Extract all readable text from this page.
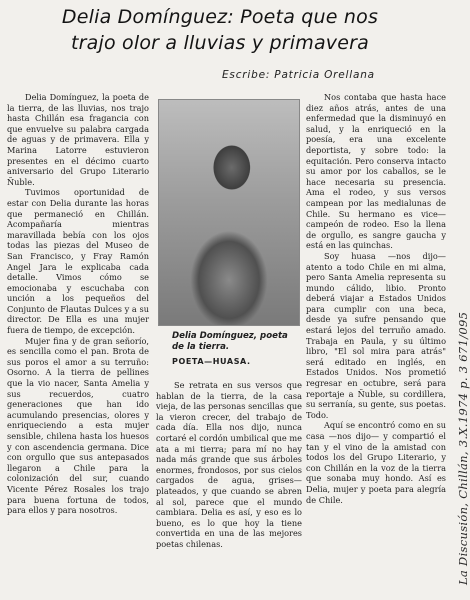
Delia Domínguez: Poeta que nos
trajo olor a lluvias y primavera
Escribe: Patricia Orellana

Delia Domínguez, la poeta de la tierra, de las lluvias, nos trajo hasta Chillán esa fragancia con que envuelve su palabra cargada de aguas y de primavera. Ella y Marina Latorre estuvieron presentes en el décimo cuarto aniversario del Grupo Literario Ñuble.

Tuvimos oportunidad de estar con Delia durante las horas que permaneció en Chillán. Acompañaría mientras maravillada bebía con los ojos todas las piezas del Museo de San Francisco, y Fray Ramón Angel Jara le explicaba cada detalle. Vimos cómo se emocionaba y escuchaba con unción a los pequeños del Conjunto de Flautas Dulces y a su director. De Ella es una mujer fuera de tiempo, de excepción.

Mujer fina y de gran señorío, es sencilla como el pan. Brota de sus poros el amor a su terruño: Osorno. A la tierra de pellines que la vio nacer, Santa Amelia y sus recuerdos, cuatro generaciones que han ido acumulando presencias, olores y enriqueciendo a esta mujer sensible, chilena hasta los huesos y con ascendencia germana. Dice con orgullo que sus antepasados llegaron a Chile para la colonización del sur, cuando Vicente Pérez Rosales los trajo para buena fortuna de todos, para ellos y para nosotros.

Delia Domínguez, poeta de la tierra.
POETA—HUASA.

Se retrata en sus versos que hablan de la tierra, de la casa vieja, de las personas sencillas que la vieron crecer, del trabajo de cada día. Ella nos dijo, nunca cortaré el cordón umbilical que me ata a mi tierra; para mí no hay nada más grande que sus árboles enormes, frondosos, por sus cielos cargados de agua, grises—plateados, y que cuando se abren al sol, parece que el mundo cambiara. Delia es así, y eso es lo bueno, es lo que hoy la tiene convertida en una de las mejores poetas chilenas.

Nos contaba que hasta hace diez años atrás, antes de una enfermedad que la disminuyó en salud, y la enriqueció en la poesía, era una excelente deportista, y sobre todo: la equitación. Pero conserva intacto su amor por los caballos, se le hace necesaria su presencia. Ama el rodeo, y sus versos campean por las medialunas de Chile. Su hermano es vice—campeón de rodeo. Eso la llena de orgullo, es sangre gaucha y está en las quinchas.

Soy huasa —nos dijo— atento a todo Chile en mi alma, pero Santa Amelia representa su mundo cálido, libio. Pronto deberá viajar a Estados Unidos para cumplir con una beca, desde ya sufre pensando que estará lejos del terruño amado. Trabaja en Paula, y su último libro, "El sol mira para atrás" será editado en inglés, en Estados Unidos. Nos prometió regresar en octubre, será para reportaje a Ñuble, su cordillera, su serranía, su gente, sus poetas. Todo.

Aquí se encontró como en su casa —nos dijo— y compartió el tan y el vino de la amistad con todos los del Grupo Literario, y con Chillán en la voz de la tierra que sonaba muy hondo. Así es Delia, mujer y poeta para alegría de Chile.	La Discusión, Chillán, 3.X.1974 p. 3 671/095
